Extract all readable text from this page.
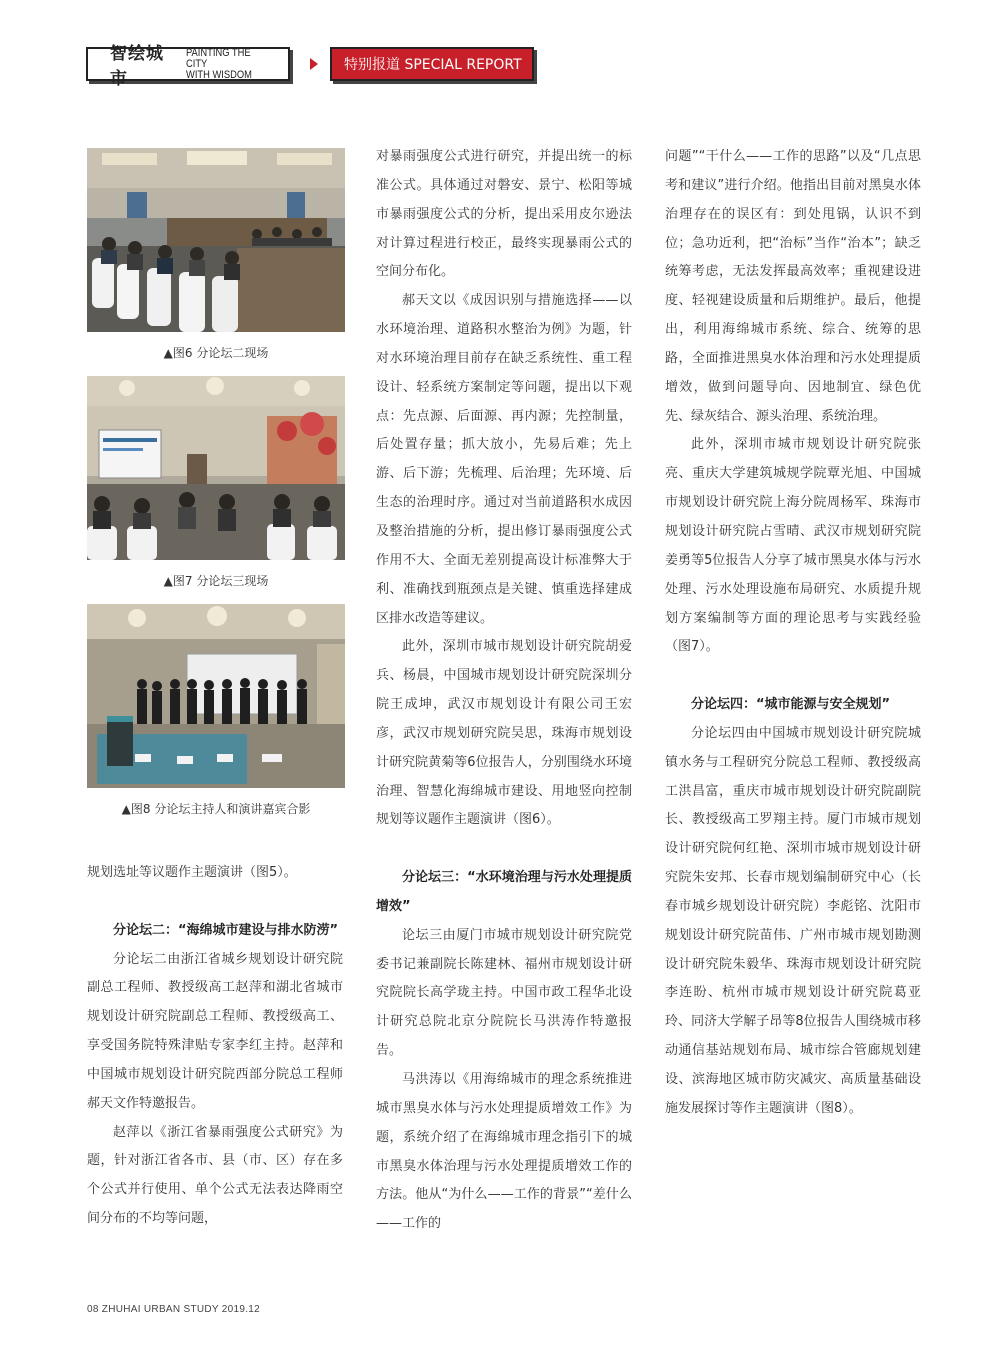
智绘城市
PAINTING THE CITY
WITH WISDOM
特别报道 SPECIAL REPORT
▲图6 分论坛二现场
▲图7 分论坛三现场
▲图8 分论坛主持人和演讲嘉宾合影

规划选址等议题作主题演讲（图5）。

分论坛二：“海绵城市建设与排水防涝”

分论坛二由浙江省城乡规划设计研究院副总工程师、教授级高工赵萍和湖北省城市规划设计研究院副总工程师、教授级高工、享受国务院特殊津贴专家李红主持。赵萍和中国城市规划设计研究院西部分院总工程师郝天文作特邀报告。

赵萍以《浙江省暴雨强度公式研究》为题，针对浙江省各市、县（市、区）存在多个公式并行使用、单个公式无法表达降雨空间分布的不均等问题，

对暴雨强度公式进行研究，并提出统一的标准公式。具体通过对磐安、景宁、松阳等城市暴雨强度公式的分析，提出采用皮尔逊法对计算过程进行校正，最终实现暴雨公式的空间分布化。

郝天文以《成因识别与措施选择——以水环境治理、道路积水整治为例》为题，针对水环境治理目前存在缺乏系统性、重工程设计、轻系统方案制定等问题，提出以下观点：先点源、后面源、再内源；先控制量，后处置存量；抓大放小，先易后难；先上游、后下游；先梳理、后治理；先环境、后生态的治理时序。通过对当前道路积水成因及整治措施的分析，提出修订暴雨强度公式作用不大、全面无差别提高设计标准弊大于利、准确找到瓶颈点是关键、慎重选择建成区排水改造等建议。

此外，深圳市城市规划设计研究院胡爱兵、杨晨，中国城市规划设计研究院深圳分院王成坤，武汉市规划设计有限公司王宏彦，武汉市规划研究院吴思，珠海市规划设计研究院黄菊等6位报告人，分别围绕水环境治理、智慧化海绵城市建设、用地竖向控制规划等议题作主题演讲（图6）。

分论坛三：“水环境治理与污水处理提质增效”

论坛三由厦门市城市规划设计研究院党委书记兼副院长陈建林、福州市规划设计研究院院长高学珑主持。中国市政工程华北设计研究总院北京分院院长马洪涛作特邀报告。

马洪涛以《用海绵城市的理念系统推进城市黑臭水体与污水处理提质增效工作》为题，系统介绍了在海绵城市理念指引下的城市黑臭水体治理与污水处理提质增效工作的方法。他从“为什么——工作的背景”“差什么——工作的

问题”“干什么——工作的思路”以及“几点思考和建议”进行介绍。他指出目前对黑臭水体治理存在的误区有：到处甩锅，认识不到位；急功近利，把“治标”当作“治本”；缺乏统筹考虑，无法发挥最高效率；重视建设进度、轻视建设质量和后期维护。最后，他提出，利用海绵城市系统、综合、统筹的思路，全面推进黑臭水体治理和污水处理提质增效，做到问题导向、因地制宜、绿色优先、绿灰结合、源头治理、系统治理。

此外，深圳市城市规划设计研究院张亮、重庆大学建筑城规学院覃光旭、中国城市规划设计研究院上海分院周杨军、珠海市规划设计研究院占雪晴、武汉市规划研究院姜勇等5位报告人分享了城市黑臭水体与污水处理、污水处理设施布局研究、水质提升规划方案编制等方面的理论思考与实践经验（图7）。

分论坛四：“城市能源与安全规划”

分论坛四由中国城市规划设计研究院城镇水务与工程研究分院总工程师、教授级高工洪昌富，重庆市城市规划设计研究院副院长、教授级高工罗翔主持。厦门市城市规划设计研究院何红艳、深圳市城市规划设计研究院朱安邦、长春市规划编制研究中心（长春市城乡规划设计研究院）李彪铭、沈阳市规划设计研究院苗伟、广州市城市规划勘测设计研究院朱毅华、珠海市规划设计研究院李连盼、杭州市城市规划设计研究院葛亚玲、同济大学解子昂等8位报告人围绕城市移动通信基站规划布局、城市综合管廊规划建设、滨海地区城市防灾减灾、高质量基础设施发展探讨等作主题演讲（图8）。

08 ZHUHAI URBAN STUDY 2019.12
